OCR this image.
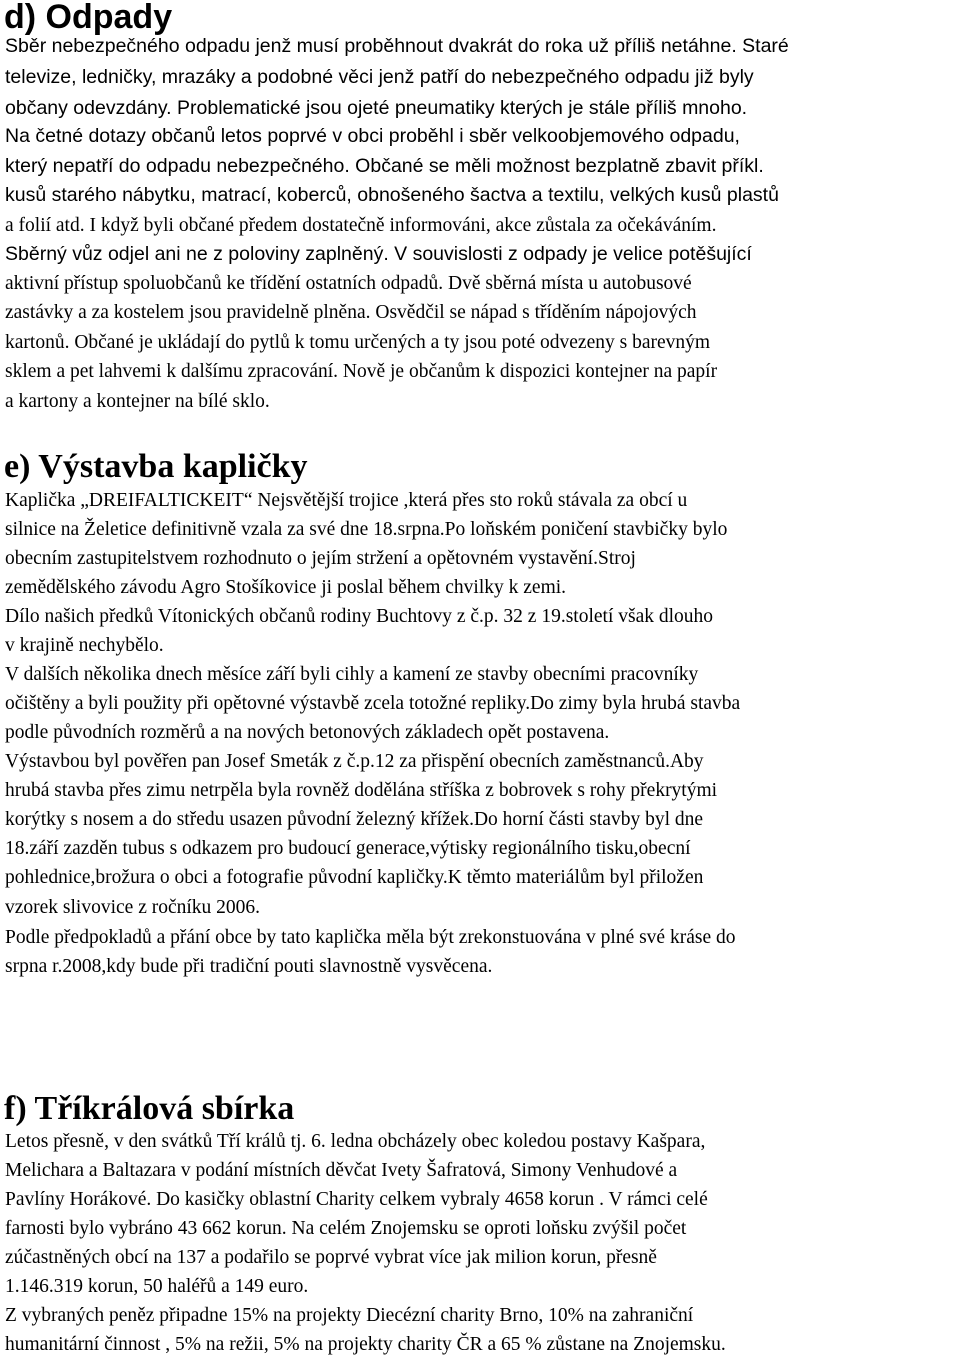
d) Odpady
Sběr nebezpečného odpadu jenž musí proběhnout dvakrát do roka už příliš netáhne. Staré
televize, ledničky, mrazáky a podobné věci jenž patří do nebezpečného odpadu již byly
občany odevzdány. Problematické jsou ojeté pneumatiky kterých je stále příliš mnoho.
Na četné dotazy občanů letos poprvé v obci proběhl i sběr velkoobjemového odpadu,
který nepatří do odpadu nebezpečného. Občané se měli možnost bezplatně zbavit příkl.
kusů starého nábytku, matrací, koberců, obnošeného šactva a textilu, velkých kusů plastů
a folií atd. I když byli občané předem dostatečně informováni, akce zůstala za očekáváním.
Sběrný vůz odjel ani ne z poloviny zaplněný. V souvislosti z odpady je velice potěšující
aktivní přístup spoluobčanů ke třídění ostatních odpadů. Dvě sběrná místa u autobusové
zastávky a za kostelem jsou pravidelně plněna. Osvědčil se nápad s tříděním nápojových
kartonů. Občané je ukládají do pytlů k tomu určených a ty jsou poté odvezeny s barevným
sklem a pet lahvemi k dalšímu zpracování. Nově je občanům k dispozici kontejner na papír
a kartony a kontejner na bílé sklo.
e) Výstavba kapličky
Kaplička „DREIFALTICKEIT“ Nejsvětější trojice ,která přes sto roků stávala za obcí u
silnice na Želetice definitivně vzala za své dne 18.srpna.Po loňském poničení stavbičky bylo
obecním zastupitelstvem rozhodnuto o jejím stržení a opětovném vystavění.Stroj
zemědělského závodu Agro Stošíkovice ji poslal během chvilky k zemi.
Dílo našich předků Vítonických občanů rodiny Buchtovy z č.p. 32 z 19.století však dlouho
v krajině nechybělo.
V dalších několika dnech měsíce září byli cihly a kamení ze stavby obecními pracovníky
očištěny a byli použity při opětovné výstavbě zcela totožné repliky.Do zimy byla hrubá stavba
podle původních rozměrů a na nových betonových základech opět postavena.
Výstavbou byl pověřen pan Josef Smeták z č.p.12 za přispění obecních zaměstnanců.Aby
hrubá stavba přes zimu netrpěla byla rovněž dodělána stříška z bobrovek s rohy překrytými
korýtky s nosem a do středu usazen původní železný křížek.Do horní části stavby byl dne
18.září zazděn tubus s odkazem pro budoucí generace,výtisky regionálního tisku,obecní
pohlednice,brožura o obci a fotografie původní kapličky.K těmto materiálům byl přiložen
vzorek slivovice z ročníku 2006.
Podle předpokladů a přání obce by tato kaplička měla být zrekonstuována v plné své kráse do
srpna r.2008,kdy bude při tradiční pouti slavnostně vysvěcena.
f) Tříkrálová sbírka
Letos přesně, v den svátků Tří králů tj. 6. ledna obcházely obec koledou postavy Kašpara,
Melichara a Baltazara v podání místních děvčat Ivety Šafratová, Simony Venhudové a
Pavlíny Horákové. Do kasičky oblastní Charity celkem vybraly 4658 korun . V rámci celé
farnosti bylo vybráno 43 662 korun. Na celém Znojemsku se oproti loňsku zvýšil počet
zúčastněných obcí na 137 a podařilo se poprvé vybrat více jak milion korun, přesně
1.146.319 korun, 50 haléřů a 149 euro.
Z vybraných peněz připadne 15% na projekty Diecézní charity Brno, 10% na zahraniční
humanitární činnost , 5% na režii, 5% na projekty charity ČR a 65 % zůstane na Znojemsku.
